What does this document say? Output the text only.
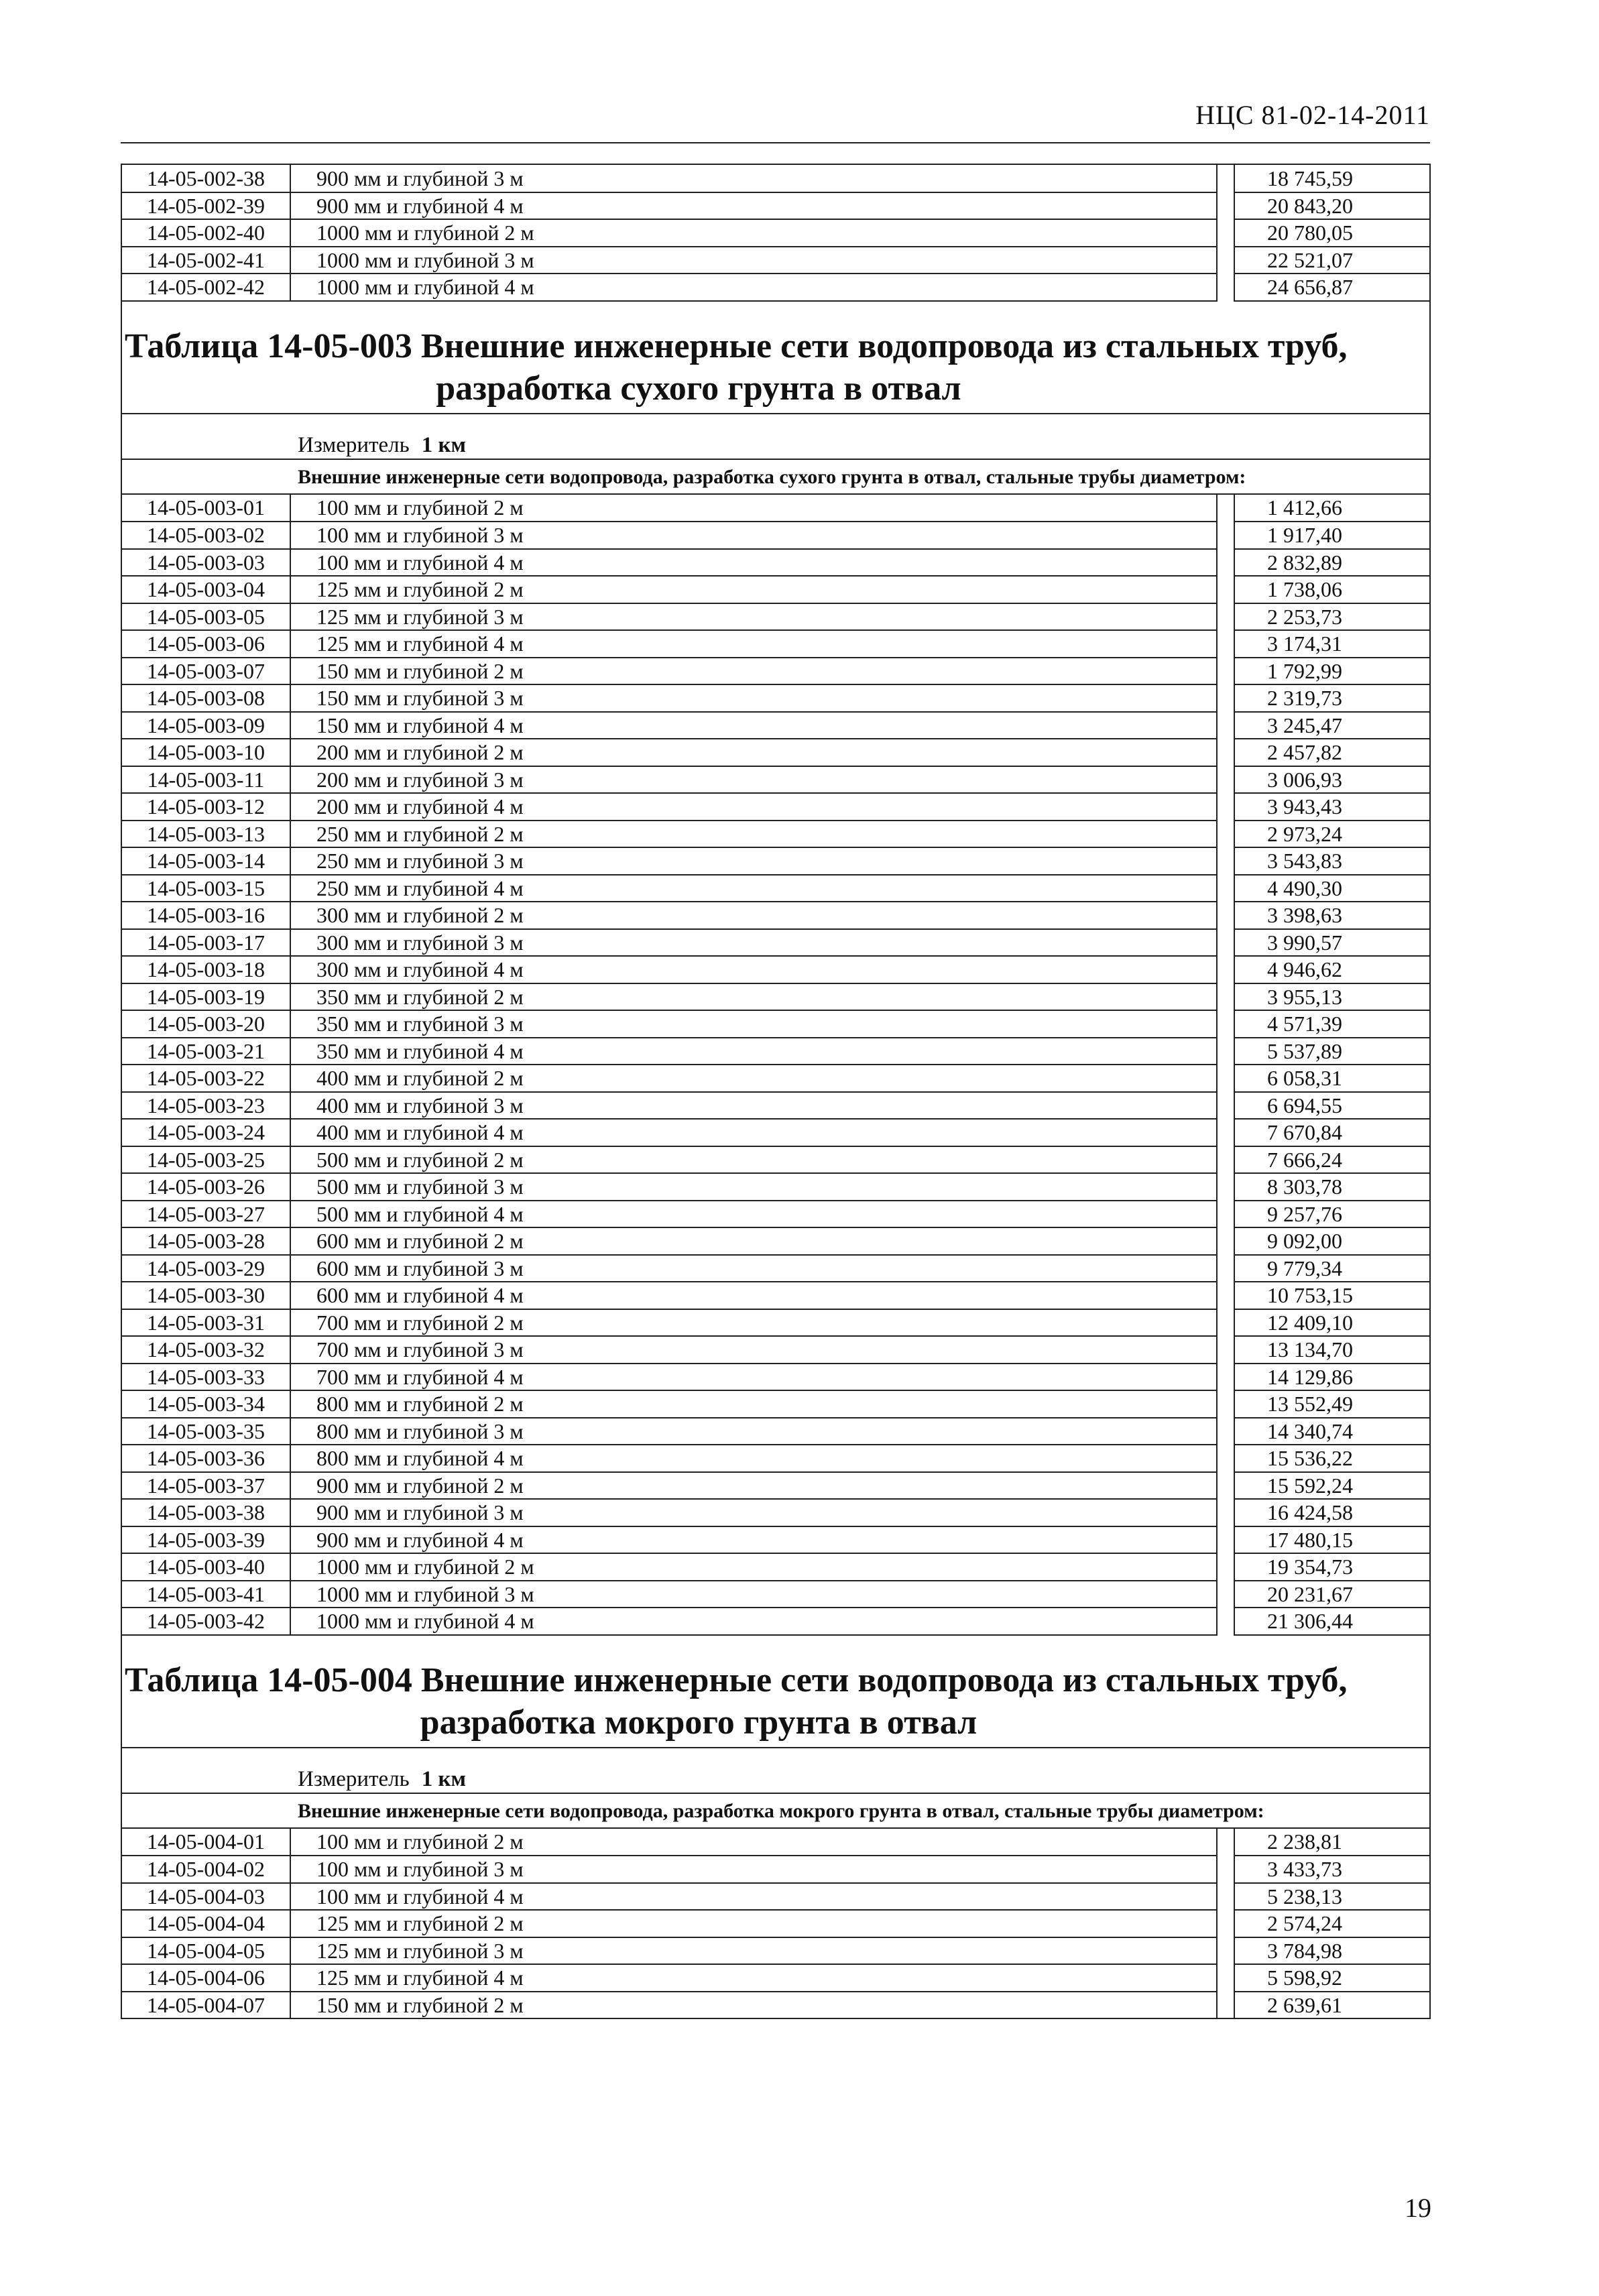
НЦС 81-02-14-2011
14-05-002-38	900 мм и глубиной 3 м		18 745,59
14-05-002-39	900 мм и глубиной 4 м		20 843,20
14-05-002-40	1000 мм и глубиной 2 м		20 780,05
14-05-002-41	1000 мм и глубиной 3 м		22 521,07
14-05-002-42	1000 мм и глубиной 4 м		24 656,87
Таблица 14-05-003 Внешние инженерные сети водопровода из стальных труб,
разработка сухого грунта в отвал
Измеритель 1 км
Внешние инженерные сети водопровода, разработка сухого грунта в отвал, стальные трубы диаметром:
14-05-003-01	100 мм и глубиной 2 м		1 412,66
14-05-003-02	100 мм и глубиной 3 м		1 917,40
14-05-003-03	100 мм и глубиной 4 м		2 832,89
14-05-003-04	125 мм и глубиной 2 м		1 738,06
14-05-003-05	125 мм и глубиной 3 м		2 253,73
14-05-003-06	125 мм и глубиной 4 м		3 174,31
14-05-003-07	150 мм и глубиной 2 м		1 792,99
14-05-003-08	150 мм и глубиной 3 м		2 319,73
14-05-003-09	150 мм и глубиной 4 м		3 245,47
14-05-003-10	200 мм и глубиной 2 м		2 457,82
14-05-003-11	200 мм и глубиной 3 м		3 006,93
14-05-003-12	200 мм и глубиной 4 м		3 943,43
14-05-003-13	250 мм и глубиной 2 м		2 973,24
14-05-003-14	250 мм и глубиной 3 м		3 543,83
14-05-003-15	250 мм и глубиной 4 м		4 490,30
14-05-003-16	300 мм и глубиной 2 м		3 398,63
14-05-003-17	300 мм и глубиной 3 м		3 990,57
14-05-003-18	300 мм и глубиной 4 м		4 946,62
14-05-003-19	350 мм и глубиной 2 м		3 955,13
14-05-003-20	350 мм и глубиной 3 м		4 571,39
14-05-003-21	350 мм и глубиной 4 м		5 537,89
14-05-003-22	400 мм и глубиной 2 м		6 058,31
14-05-003-23	400 мм и глубиной 3 м		6 694,55
14-05-003-24	400 мм и глубиной 4 м		7 670,84
14-05-003-25	500 мм и глубиной 2 м		7 666,24
14-05-003-26	500 мм и глубиной 3 м		8 303,78
14-05-003-27	500 мм и глубиной 4 м		9 257,76
14-05-003-28	600 мм и глубиной 2 м		9 092,00
14-05-003-29	600 мм и глубиной 3 м		9 779,34
14-05-003-30	600 мм и глубиной 4 м		10 753,15
14-05-003-31	700 мм и глубиной 2 м		12 409,10
14-05-003-32	700 мм и глубиной 3 м		13 134,70
14-05-003-33	700 мм и глубиной 4 м		14 129,86
14-05-003-34	800 мм и глубиной 2 м		13 552,49
14-05-003-35	800 мм и глубиной 3 м		14 340,74
14-05-003-36	800 мм и глубиной 4 м		15 536,22
14-05-003-37	900 мм и глубиной 2 м		15 592,24
14-05-003-38	900 мм и глубиной 3 м		16 424,58
14-05-003-39	900 мм и глубиной 4 м		17 480,15
14-05-003-40	1000 мм и глубиной 2 м		19 354,73
14-05-003-41	1000 мм и глубиной 3 м		20 231,67
14-05-003-42	1000 мм и глубиной 4 м		21 306,44
Таблица 14-05-004 Внешние инженерные сети водопровода из стальных труб,
разработка мокрого грунта в отвал
Измеритель 1 км
Внешние инженерные сети водопровода, разработка мокрого грунта в отвал, стальные трубы диаметром:
14-05-004-01	100 мм и глубиной 2 м		2 238,81
14-05-004-02	100 мм и глубиной 3 м		3 433,73
14-05-004-03	100 мм и глубиной 4 м		5 238,13
14-05-004-04	125 мм и глубиной 2 м		2 574,24
14-05-004-05	125 мм и глубиной 3 м		3 784,98
14-05-004-06	125 мм и глубиной 4 м		5 598,92
14-05-004-07	150 мм и глубиной 2 м		2 639,61
19
